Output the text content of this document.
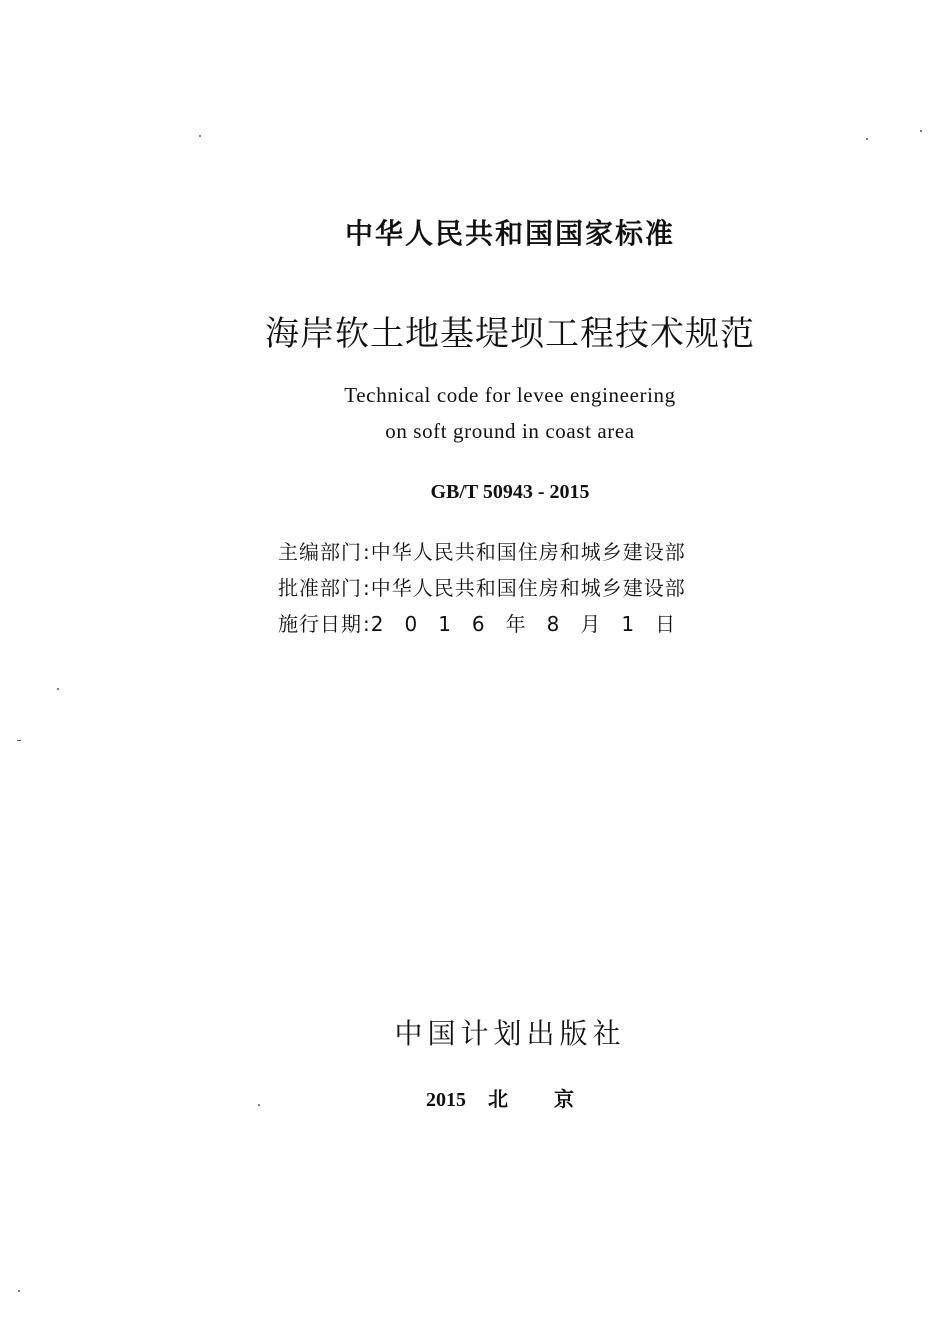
中华人民共和国国家标准
海岸软土地基堤坝工程技术规范
Technical code for levee engineering
on soft ground in coast area
GB/T 50943 - 2015
主编部门 : 中华人民共和国住房和城乡建设部
批准部门 : 中华人民共和国住房和城乡建设部
施行日期 : 2016年8月1日
中国计划出版社
2015 北京
